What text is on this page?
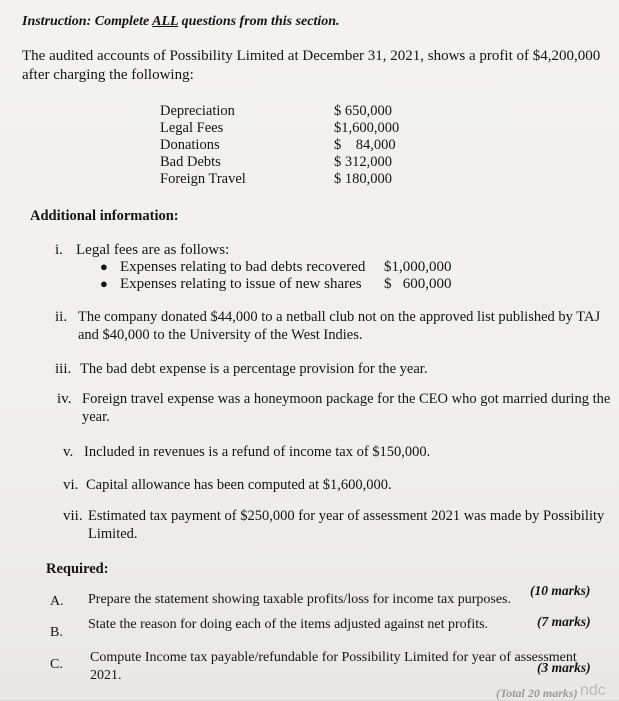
Instruction: Complete ALL questions from this section.
The audited accounts of Possibility Limited at December 31, 2021, shows a profit of $4,200,000
after charging the following:
Depreciation	$ 650,000
Legal Fees	$1,600,000
Donations	$    84,000
Bad Debts	$ 312,000
Foreign Travel	$ 180,000
Additional information:
i. Legal fees are as follows:
● Expenses relating to bad debts recovered $1,000,000
● Expenses relating to issue of new shares $   600,000
ii. The company donated $44,000 to a netball club not on the approved list published by TAJ
and $40,000 to the University of the West Indies.
iii. The bad debt expense is a percentage provision for the year.
iv. Foreign travel expense was a honeymoon package for the CEO who got married during the
year.
v. Included in revenues is a refund of income tax of $150,000.
vi. Capital allowance has been computed at $1,600,000.
vii. Estimated tax payment of $250,000 for year of assessment 2021 was made by Possibility
Limited.
Required:
A. Prepare the statement showing taxable profits/loss for income tax purposes.
(10 marks)
B.
State the reason for doing each of the items adjusted against net profits.	(7 marks)
C. Compute Income tax payable/refundable for Possibility Limited for year of assessment
2021.
(3 marks)
(Total 20 marks) ndc
